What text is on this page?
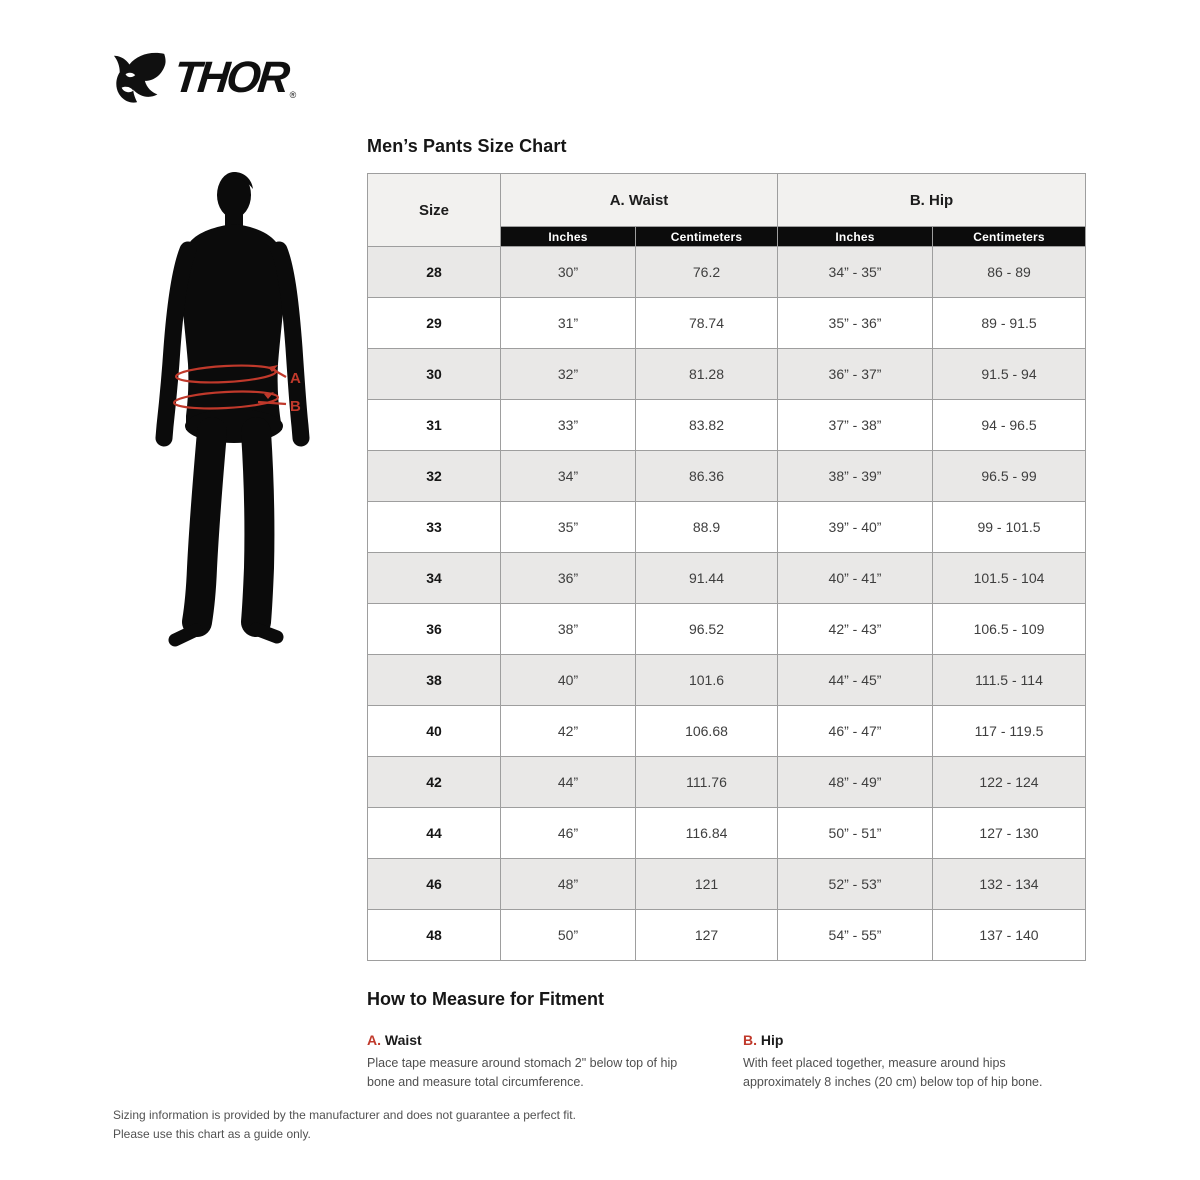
THOR ®
A
B
Men’s Pants Size Chart
Size	A. Waist		B. Hip	
	Inches	Centimeters	Inches	Centimeters
28	30”	76.2	34” - 35”	86 - 89
29	31”	78.74	35” - 36”	89 - 91.5
30	32”	81.28	36” - 37”	91.5 - 94
31	33”	83.82	37” - 38”	94 - 96.5
32	34”	86.36	38” - 39”	96.5 - 99
33	35”	88.9	39” - 40”	99 - 101.5
34	36”	91.44	40” - 41”	101.5 - 104
36	38”	96.52	42” - 43”	106.5 - 109
38	40”	101.6	44” - 45”	111.5 - 114
40	42”	106.68	46” - 47”	117 - 119.5
42	44”	111.76	48” - 49”	122 - 124
44	46”	116.84	50” - 51”	127 - 130
46	48”	121	52” - 53”	132 - 134
48	50”	127	54” - 55”	137 - 140
How to Measure for Fitment
A. Waist

Place tape measure around stomach 2" below top of hip bone and measure total circumference.

B. Hip

With feet placed together, measure around hips approximately 8 inches (20 cm) below top of hip bone.

Sizing information is provided by the manufacturer and does not guarantee a perfect fit.

Please use this chart as a guide only.
